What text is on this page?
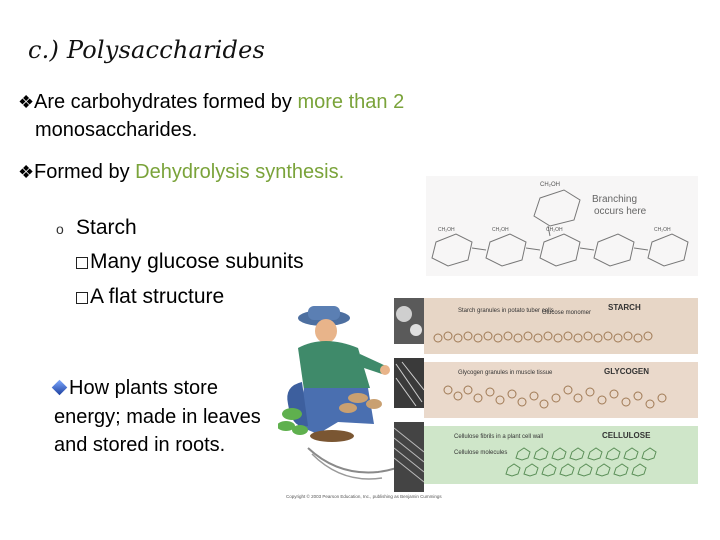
c.) Polysaccharides
❖Are carbohydrates formed by more than 2
monosaccharides.
❖Formed by Dehydrolysis synthesis.
o Starch
Many glucose subunits
A flat structure
How plants store energy; made in leaves and stored in roots.
CH₂OH
CH₂OH	CH₂OH	CH₂OH	CH₂OH
Branching occurs here
Starch granules in potato tuber cells
Glucose monomer
STARCH
Glycogen granules in muscle tissue	GLYCOGEN
Cellulose fibrils in a plant cell wall
Cellulose molecules
CELLULOSE
Copyright © 2003 Pearson Education, Inc., publishing as Benjamin Cummings
